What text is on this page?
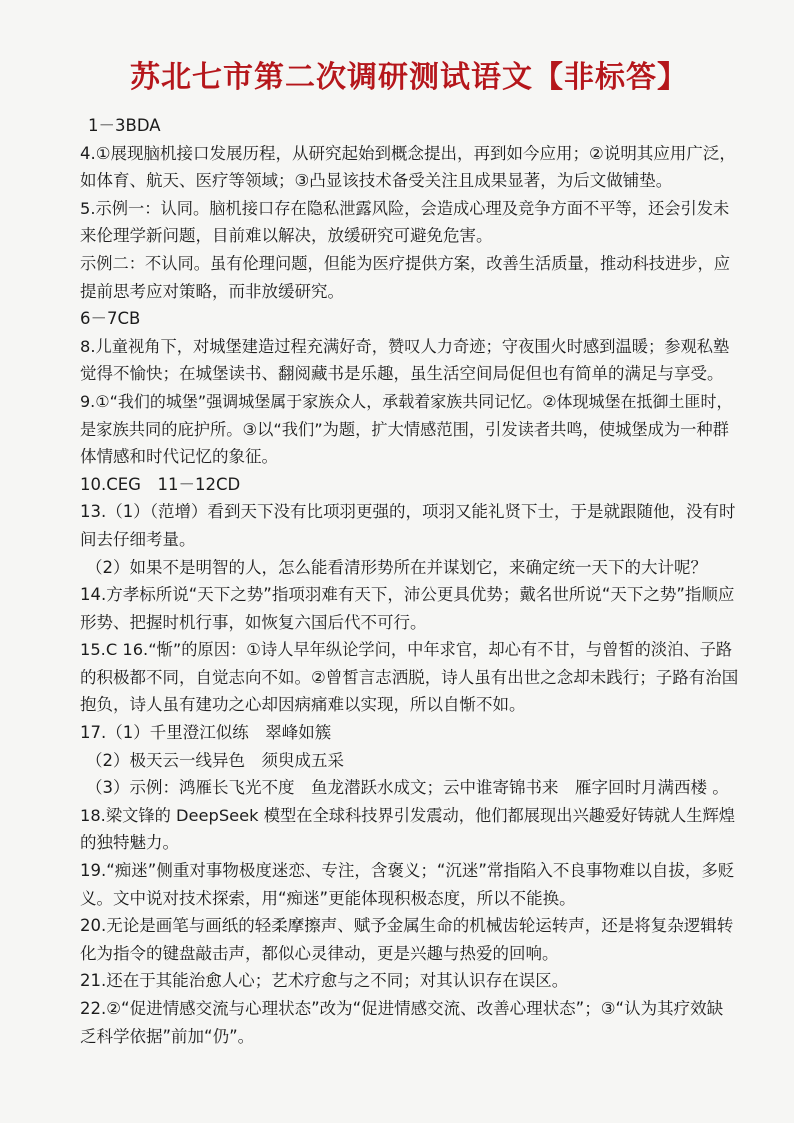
苏北七市第二次调研测试语文【非标答】
1－3BDA
4.①展现脑机接口发展历程，从研究起始到概念提出，再到如今应用；②说明其应用广泛，
如体育、航天、医疗等领域；③凸显该技术备受关注且成果显著，为后文做铺垫。
5.示例一：认同。脑机接口存在隐私泄露风险，会造成心理及竞争方面不平等，还会引发未
来伦理学新问题，目前难以解决，放缓研究可避免危害。
示例二：不认同。虽有伦理问题，但能为医疗提供方案，改善生活质量，推动科技进步，应
提前思考应对策略，而非放缓研究。
6－7CB
8.儿童视角下，对城堡建造过程充满好奇，赞叹人力奇迹；守夜围火时感到温暖；参观私塾
觉得不愉快；在城堡读书、翻阅藏书是乐趣，虽生活空间局促但也有简单的满足与享受。
9.①“我们的城堡”强调城堡属于家族众人，承载着家族共同记忆。②体现城堡在抵御土匪时，
是家族共同的庇护所。③以“我们”为题，扩大情感范围，引发读者共鸣，使城堡成为一种群
体情感和时代记忆的象征。
10.CEG　11－12CD
13.（1）（范增）看到天下没有比项羽更强的，项羽又能礼贤下士，于是就跟随他，没有时
间去仔细考量。
（2）如果不是明智的人，怎么能看清形势所在并谋划它，来确定统一天下的大计呢？
14.方孝标所说“天下之势”指项羽难有天下，沛公更具优势；戴名世所说“天下之势”指顺应
形势、把握时机行事，如恢复六国后代不可行。
15.C 16.“惭”的原因：①诗人早年纵论学问，中年求官，却心有不甘，与曾皙的淡泊、子路
的积极都不同，自觉志向不如。②曾皙言志洒脱，诗人虽有出世之念却未践行；子路有治国
抱负，诗人虽有建功之心却因病痛难以实现，所以自惭不如。
17.（1）千里澄江似练　翠峰如簇
（2）极天云一线异色　须臾成五采
（3）示例：鸿雁长飞光不度　鱼龙潜跃水成文；云中谁寄锦书来　雁字回时月满西楼 。
18.梁文锋的 DeepSeek 模型在全球科技界引发震动，他们都展现出兴趣爱好铸就人生辉煌
的独特魅力。
19.“痴迷”侧重对事物极度迷恋、专注，含褒义；“沉迷”常指陷入不良事物难以自拔，多贬
义。文中说对技术探索，用“痴迷”更能体现积极态度，所以不能换。
20.无论是画笔与画纸的轻柔摩擦声、赋予金属生命的机械齿轮运转声，还是将复杂逻辑转
化为指令的键盘敲击声，都似心灵律动，更是兴趣与热爱的回响。
21.还在于其能治愈人心；艺术疗愈与之不同；对其认识存在误区。
22.②“促进情感交流与心理状态”改为“促进情感交流、改善心理状态”；③“认为其疗效缺
乏科学依据”前加“仍”。
